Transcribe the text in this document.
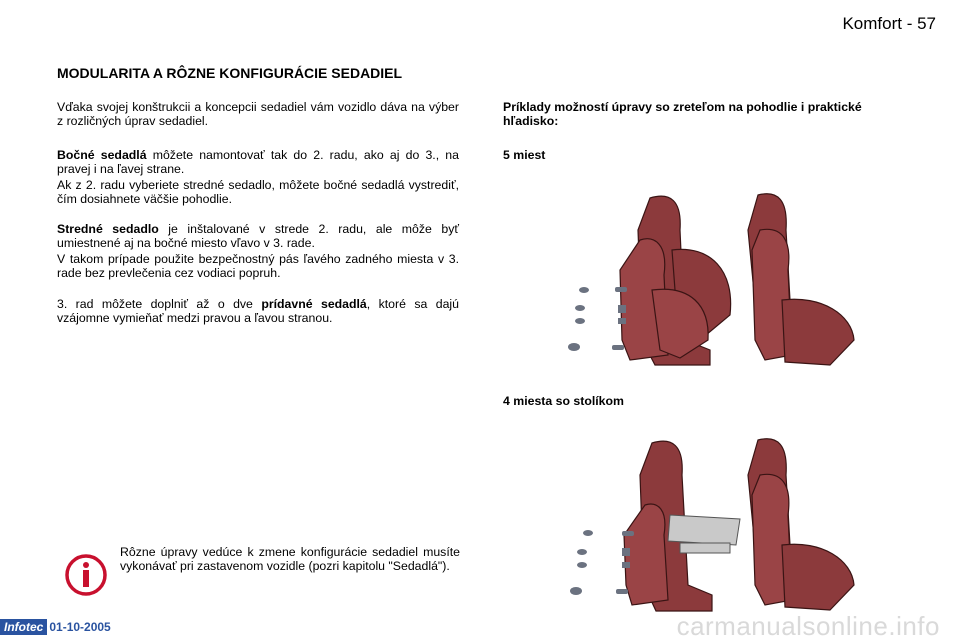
Komfort - 57
MODULARITA A RÔZNE KONFIGURÁCIE SEDADIEL
Vďaka svojej konštrukcii a koncepcii sedadiel vám vozidlo dáva na výber z rozličných úprav sedadiel.
Bočné sedadlá môžete namontovať tak do 2. radu, ako aj do 3., na pravej i na ľavej strane.
Ak z 2. radu vyberiete stredné sedadlo, môžete bočné sedadlá vystrediť, čím dosiahnete väčšie pohodlie.
Stredné sedadlo je inštalované v strede 2. radu, ale môže byť umiestnené aj na bočné miesto vľavo v 3. rade.
V takom prípade použite bezpečnostný pás ľavého zadného miesta v 3. rade bez prevlečenia cez vodiaci popruh.
3. rad môžete doplniť až o dve prídavné sedadlá, ktoré sa dajú vzájomne vymieňať medzi pravou a ľavou stranou.
Príklady možností úpravy so zreteľom na pohodlie i praktické hľadisko:
5 miest
4 miesta so stolíkom
Rôzne úpravy vedúce k zmene konfigurácie sedadiel musíte vykonávať pri zastavenom vozidle (pozri kapitolu "Sedadlá").
Infotec 01-10-2005	carmanualsonline.info
